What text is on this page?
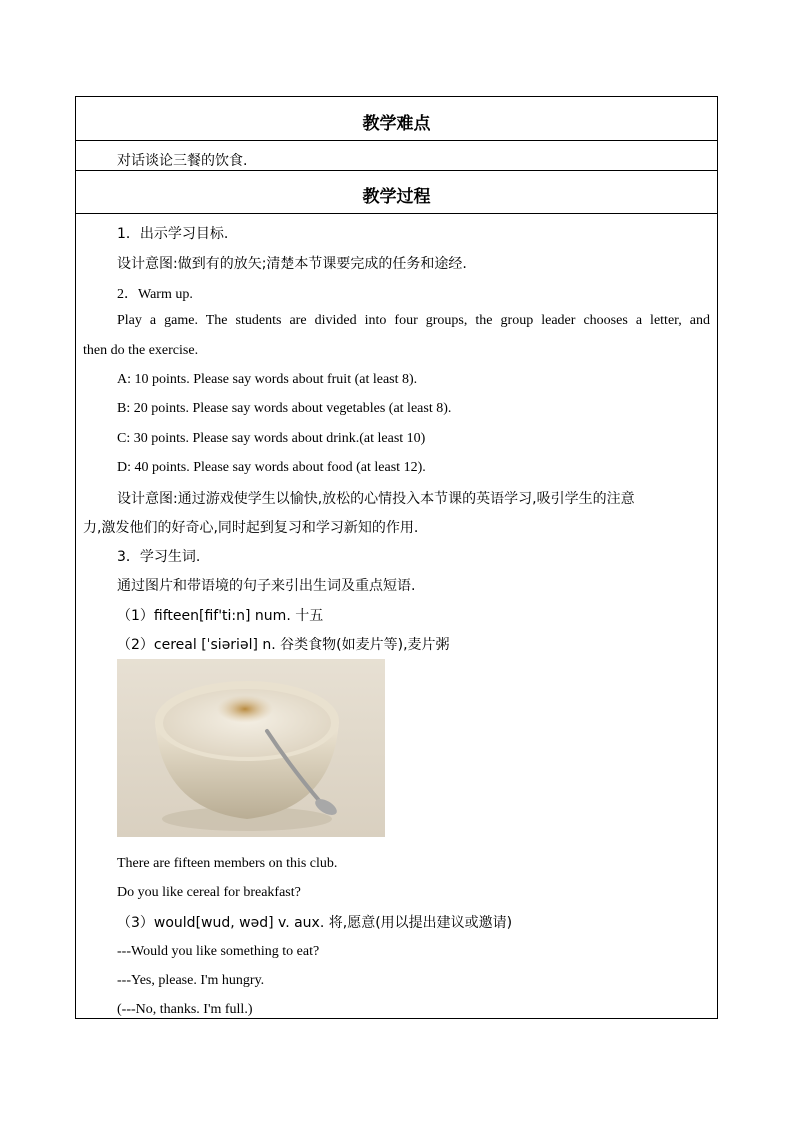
教学难点
对话谈论三餐的饮食.
教学过程
1．出示学习目标.
设计意图:做到有的放矢;清楚本节课要完成的任务和途经.
2．Warm up.
Play a game. The students are divided into four groups, the group leader chooses a letter, and
then do the exercise.
A: 10 points. Please say words about fruit (at least 8).
B: 20 points. Please say words about vegetables (at least 8).
C: 30 points. Please say words about drink.(at least 10)
D: 40 points. Please say words about food (at least 12).
设计意图:通过游戏使学生以愉快,放松的心情投入本节课的英语学习,吸引学生的注意
力,激发他们的好奇心,同时起到复习和学习新知的作用.
3．学习生词.
通过图片和带语境的句子来引出生词及重点短语.
（1）fifteen[fif'ti:n] num. 十五
（2）cereal [ˈsiəriəl] n. 谷类食物(如麦片等),麦片粥
There are fifteen members on this club.
Do you like cereal for breakfast?
（3）would[wud, wəd] v. aux. 将,愿意(用以提出建议或邀请)
---Would you like something to eat?
---Yes, please. I'm hungry.
(---No, thanks. I'm full.)
